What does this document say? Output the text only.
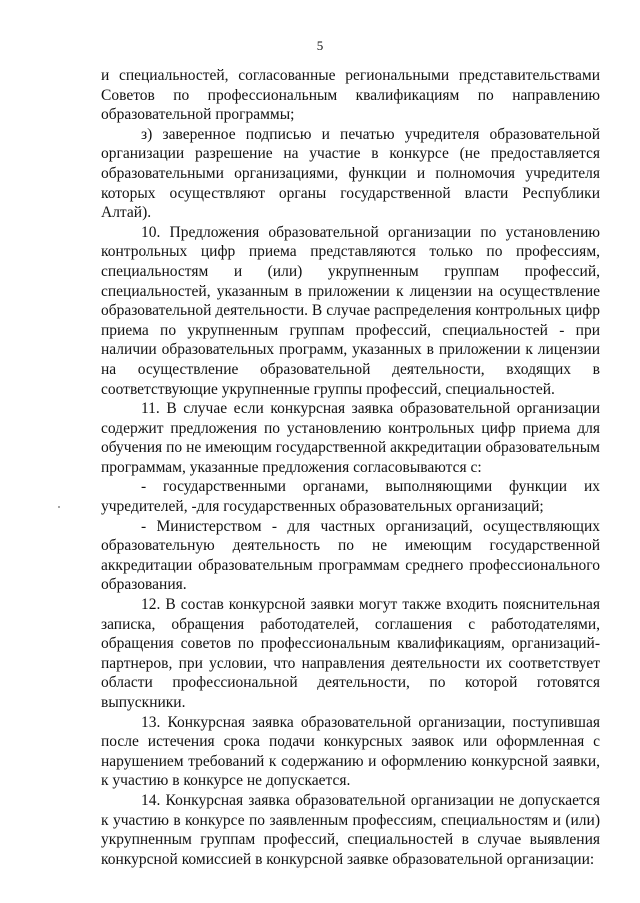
5

и специальностей, согласованные региональными представительствами Советов по профессиональным квалификациям по направлению образовательной программы;

з) заверенное подписью и печатью учредителя образовательной организации разрешение на участие в конкурсе (не предоставляется образовательными организациями, функции и полномочия учредителя которых осуществляют органы государственной власти Республики Алтай).

10. Предложения образовательной организации по установлению контрольных цифр приема представляются только по профессиям, специальностям и (или) укрупненным группам профессий, специальностей, указанным в приложении к лицензии на осуществление образовательной деятельности. В случае распределения контрольных цифр приема по укрупненным группам профессий, специальностей - при наличии образовательных программ, указанных в приложении к лицензии на осуществление образовательной деятельности, входящих в соответствующие укрупненные группы профессий, специальностей.

11. В случае если конкурсная заявка образовательной организации содержит предложения по установлению контрольных цифр приема для обучения по не имеющим государственной аккредитации образовательным программам, указанные предложения согласовываются с:

- государственными органами, выполняющими функции их учредителей, -для государственных образовательных организаций;

- Министерством - для частных организаций, осуществляющих образовательную деятельность по не имеющим государственной аккредитации образовательным программам среднего профессионального образования.

12. В состав конкурсной заявки могут также входить пояснительная записка, обращения работодателей, соглашения с работодателями, обращения советов по профессиональным квалификациям, организаций-партнеров, при условии, что направления деятельности их соответствует области профессиональной деятельности, по которой готовятся выпускники.

13. Конкурсная заявка образовательной организации, поступившая после истечения срока подачи конкурсных заявок или оформленная с нарушением требований к содержанию и оформлению конкурсной заявки, к участию в конкурсе не допускается.

14. Конкурсная заявка образовательной организации не допускается к участию в конкурсе по заявленным профессиям, специальностям и (или) укрупненным группам профессий, специальностей в случае выявления конкурсной комиссией в конкурсной заявке образовательной организации:
